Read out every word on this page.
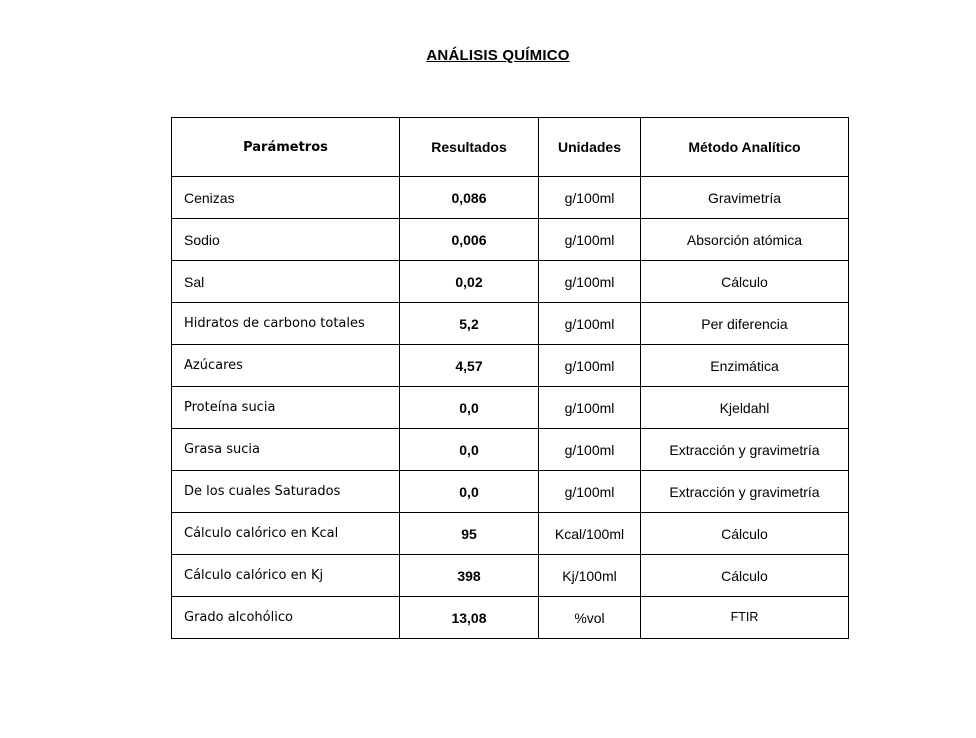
ANÁLISIS QUÍMICO
Parámetros	Resultados	Unidades	Método Analítico
Cenizas	0,086	g/100ml	Gravimetría
Sodio	0,006	g/100ml	Absorción atómica
Sal	0,02	g/100ml	Cálculo
Hidratos de carbono totales	5,2	g/100ml	Per diferencia
Azúcares	4,57	g/100ml	Enzimática
Proteína sucia	0,0	g/100ml	Kjeldahl
Grasa sucia	0,0	g/100ml	Extracción y gravimetría
De los cuales Saturados	0,0	g/100ml	Extracción y gravimetría
Cálculo calórico en Kcal	95	Kcal/100ml	Cálculo
Cálculo calórico en Kj	398	Kj/100ml	Cálculo
Grado alcohólico	13,08	%vol	FTIR
